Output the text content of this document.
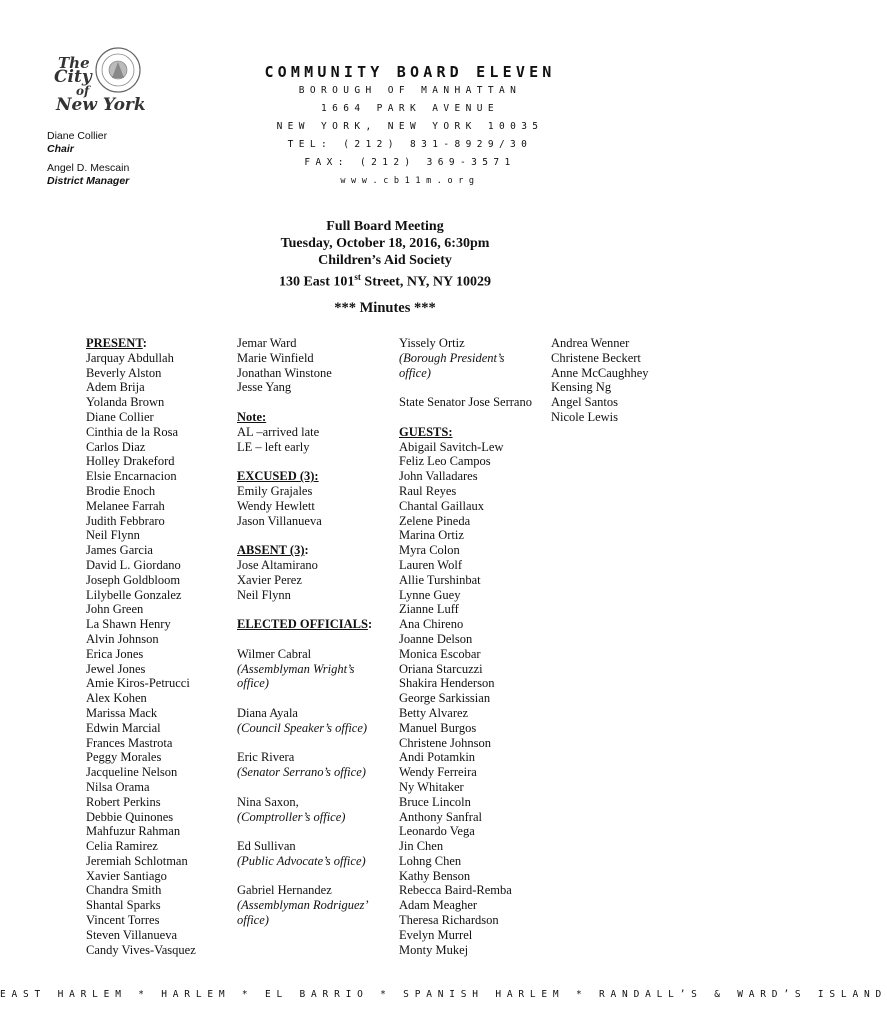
The
City
of
New York
Diane Collier
Chair
Angel D. Mescain
District Manager
COMMUNITY BOARD ELEVEN
BOROUGH OF MANHATTAN
1664 PARK AVENUE
NEW YORK, NEW YORK 10035
TEL: (212) 831-8929/30
FAX: (212) 369-3571
www.cb11m.org
Full Board Meeting
Tuesday, October 18, 2016, 6:30pm
Children’s Aid Society
130 East 101st Street, NY, NY 10029
*** Minutes ***
PRESENT:
Jarquay Abdullah
Beverly Alston
Adem Brija
Yolanda Brown
Diane Collier
Cinthia de la Rosa
Carlos Diaz
Holley Drakeford
Elsie Encarnacion
Brodie Enoch
Melanee Farrah
Judith Febbraro
Neil Flynn
James Garcia
David L. Giordano
Joseph Goldbloom
Lilybelle Gonzalez
John Green
La Shawn Henry
Alvin Johnson
Erica Jones
Jewel Jones
Amie Kiros-Petrucci
Alex Kohen
Marissa Mack
Edwin Marcial
Frances Mastrota
Peggy Morales
Jacqueline Nelson
Nilsa Orama
Robert Perkins
Debbie Quinones
Mahfuzur Rahman
Celia Ramirez
Jeremiah Schlotman
Xavier Santiago
Chandra Smith
Shantal Sparks
Vincent Torres
Steven Villanueva
Candy Vives-Vasquez
Jemar Ward
Marie Winfield
Jonathan Winstone
Jesse Yang
Note:
AL –arrived late
LE – left early
EXCUSED (3):
Emily Grajales
Wendy Hewlett
Jason Villanueva
ABSENT (3):
Jose Altamirano
Xavier Perez
Neil Flynn
ELECTED OFFICIALS:
Wilmer Cabral
(Assemblyman Wright’s
office)
Diana Ayala
(Council Speaker’s office)
Eric Rivera
(Senator Serrano’s office)
Nina Saxon,
(Comptroller’s office)
Ed Sullivan
(Public Advocate’s office)
Gabriel Hernandez
(Assemblyman Rodriguez’
office)
Yissely Ortiz
(Borough President’s
office)
State Senator Jose Serrano
GUESTS:
Abigail Savitch-Lew
Feliz Leo Campos
John Valladares
Raul Reyes
Chantal Gaillaux
Zelene Pineda
Marina Ortiz
Myra Colon
Lauren Wolf
Allie Turshinbat
Lynne Guey
Zianne Luff
Ana Chireno
Joanne Delson
Monica Escobar
Oriana Starcuzzi
Shakira Henderson
George Sarkissian
Betty Alvarez
Manuel Burgos
Christene Johnson
Andi Potamkin
Wendy Ferreira
Ny Whitaker
Bruce Lincoln
Anthony Sanfral
Leonardo Vega
Jin Chen
Lohng Chen
Kathy Benson
Rebecca Baird-Remba
Adam Meagher
Theresa Richardson
Evelyn Murrel
Monty Mukej
Andrea Wenner
Christene Beckert
Anne McCaughhey
Kensing Ng
Angel Santos
Nicole Lewis
EAST HARLEM * HARLEM * EL BARRIO * SPANISH HARLEM * RANDALL’S & WARD’S ISLAND
